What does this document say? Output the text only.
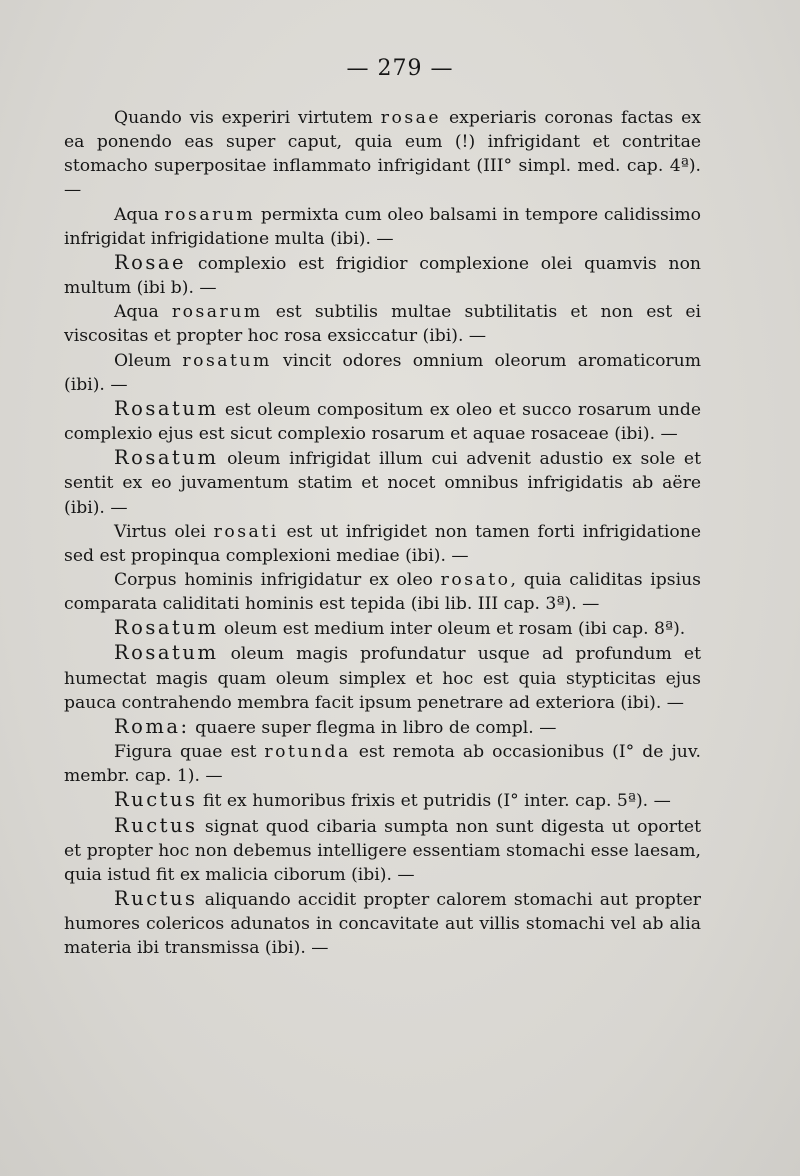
— 279 —

Quando vis experiri virtutem rosae experiaris coronas factas ex ea ponendo eas super caput, quia eum (!) infrigidant et contritae stomacho superpositae inflammato infrigidant (III° simpl. med. cap. 4ª). —

Aqua rosarum permixta cum oleo balsami in tempore calidissimo infrigidat infrigidatione multa (ibi). —

Rosae complexio est frigidior complexione olei quamvis non multum (ibi b). —

Aqua rosarum est subtilis multae subtilitatis et non est ei viscositas et propter hoc rosa exsiccatur (ibi). —

Oleum rosatum vincit odores omnium oleorum aromaticorum (ibi). —

Rosatum est oleum compositum ex oleo et succo rosarum unde complexio ejus est sicut complexio rosarum et aquae rosaceae (ibi). —

Rosatum oleum infrigidat illum cui advenit adustio ex sole et sentit ex eo juvamentum statim et nocet omnibus infrigidatis ab aëre (ibi). —

Virtus olei rosati est ut infrigidet non tamen forti infrigidatione sed est propinqua complexioni mediae (ibi). —

Corpus hominis infrigidatur ex oleo rosato, quia caliditas ipsius comparata caliditati hominis est tepida (ibi lib. III cap. 3ª). —

Rosatum oleum est medium inter oleum et rosam (ibi cap. 8ª).

Rosatum oleum magis profundatur usque ad profundum et humectat magis quam oleum simplex et hoc est quia stypticitas ejus pauca contrahendo membra facit ipsum penetrare ad exteriora (ibi). —

Roma: quaere super flegma in libro de compl. —

Figura quae est rotunda est remota ab occasionibus (I° de juv. membr. cap. 1). —

Ructus fit ex humoribus frixis et putridis (I° inter. cap. 5ª). —

Ructus signat quod cibaria sumpta non sunt digesta ut oportet et propter hoc non debemus intelligere essentiam stomachi esse laesam, quia istud fit ex malicia ciborum (ibi). —

Ructus aliquando accidit propter calorem stomachi aut propter humores colericos adunatos in concavitate aut villis stomachi vel ab alia materia ibi transmissa (ibi). —
